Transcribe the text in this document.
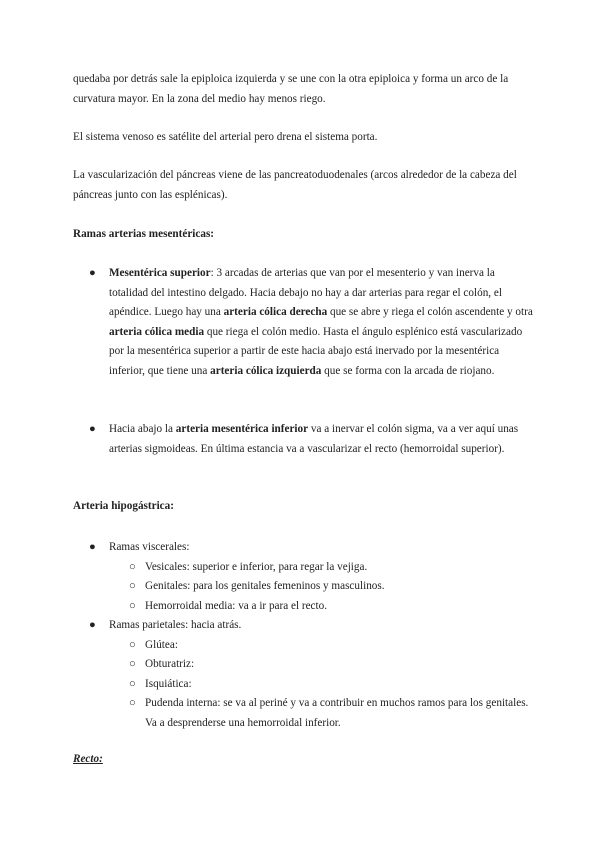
quedaba por detrás sale la epiploica izquierda y se une con la otra epiploica y forma un arco de la curvatura mayor. En la zona del medio hay menos riego.

El sistema venoso es satélite del arterial pero drena el sistema porta.

La vascularización del páncreas viene de las pancreatoduodenales (arcos alrededor de la cabeza del páncreas junto con las esplénicas).

Ramas arterias mesentéricas:
● Mesentérica superior: 3 arcadas de arterias que van por el mesenterio y van inerva la totalidad del intestino delgado. Hacia debajo no hay a dar arterias para regar el colón, el apéndice. Luego hay una arteria cólica derecha que se abre y riega el colón ascendente y otra arteria cólica media que riega el colón medio. Hasta el ángulo esplénico está vascularizado por la mesentérica superior a partir de este hacia abajo está inervado por la mesentérica inferior, que tiene una arteria cólica izquierda que se forma con la arcada de riojano.
● Hacia abajo la arteria mesentérica inferior va a inervar el colón sigma, va a ver aquí unas arterias sigmoideas. En última estancia va a vascularizar el recto (hemorroidal superior).
Arteria hipogástrica:
● Ramas viscerales:
○ Vesicales: superior e inferior, para regar la vejiga.
○ Genitales: para los genitales femeninos y masculinos.
○ Hemorroidal media: va a ir para el recto.
● Ramas parietales: hacia atrás.
○ Glútea:
○ Obturatriz:
○ Isquiática:
○ Pudenda interna: se va al periné y va a contribuir en muchos ramos para los genitales. Va a desprenderse una hemorroidal inferior.
Recto:
